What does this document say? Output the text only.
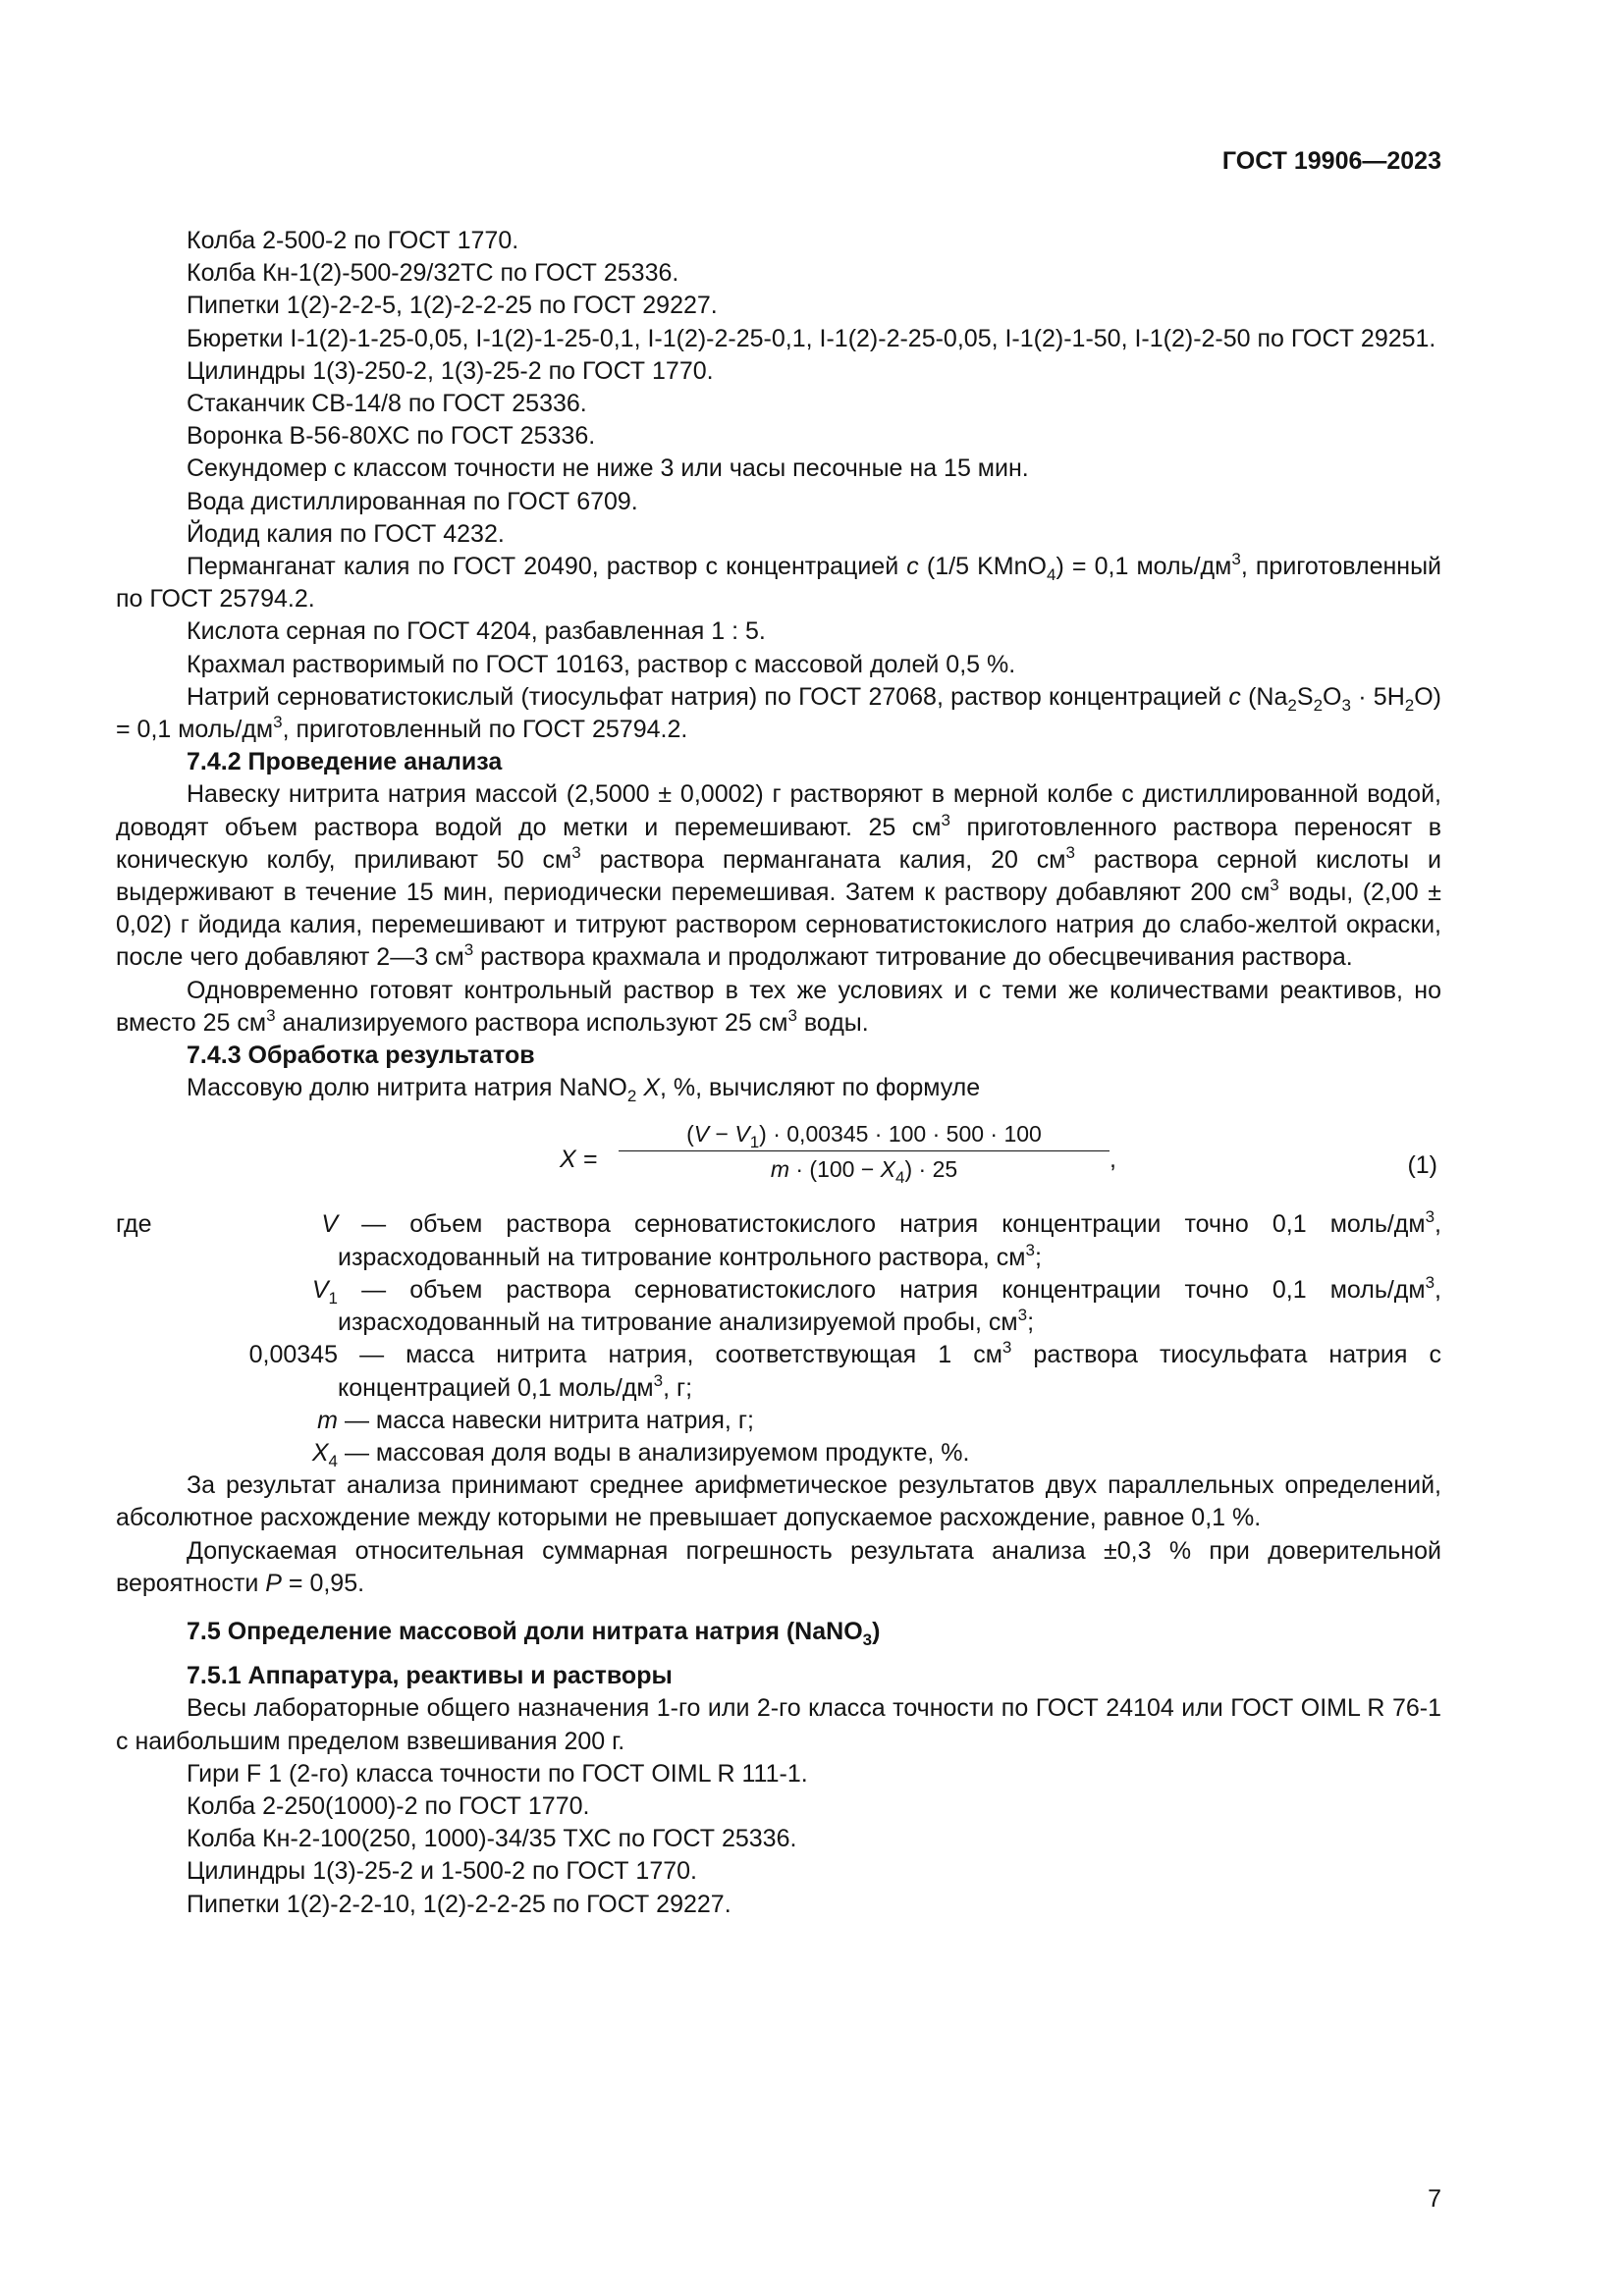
ГОСТ 19906—2023

Колба 2-500-2 по ГОСТ 1770.

Колба Кн-1(2)-500-29/32ТС по ГОСТ 25336.

Пипетки 1(2)-2-2-5, 1(2)-2-2-25 по ГОСТ 29227.

Бюретки I-1(2)-1-25-0,05, I-1(2)-1-25-0,1, I-1(2)-2-25-0,1, I-1(2)-2-25-0,05, I-1(2)-1-50, I-1(2)-2-50 по ГОСТ 29251.

Цилиндры 1(3)-250-2, 1(3)-25-2 по ГОСТ 1770.

Стаканчик СВ-14/8 по ГОСТ 25336.

Воронка В-56-80ХС по ГОСТ 25336.

Секундомер с классом точности не ниже 3 или часы песочные на 15 мин.

Вода дистиллированная по ГОСТ 6709.

Йодид калия по ГОСТ 4232.

Перманганат калия по ГОСТ 20490, раствор с концентрацией c (1/5 KMnO$_4$) = 0,1 моль/$дм^3$, приготовленный по ГОСТ 25794.2.

Кислота серная по ГОСТ 4204, разбавленная 1 : 5.

Крахмал растворимый по ГОСТ 10163, раствор с массовой долей 0,5 %.

Натрий серноватистокислый (тиосульфат натрия) по ГОСТ 27068, раствор концентрацией c $(Na_2S_2O_3 \cdot 5H_2O) = 0,1$ моль/$дм^3$, приготовленный по ГОСТ 25794.2.

7.4.2 Проведение анализа

Навеску нитрита натрия массой (2,5000 ± 0,0002) г растворяют в мерной колбе с дистиллированной водой, доводят объем раствора водой до метки и перемешивают. 25 $см^3$ приготовленного раствора переносят в коническую колбу, приливают 50 $см^3$ раствора перманганата калия, 20 $см^3$ раствора серной кислоты и выдерживают в течение 15 мин, периодически перемешивая. Затем к раствору добавляют 200 $см^3$ воды, (2,00 ± 0,02) г йодида калия, перемешивают и титруют раствором серноватистокислого натрия до слабо-желтой окраски, после чего добавляют 2—3 $см^3$ раствора крахмала и продолжают титрование до обесцвечивания раствора.

Одновременно готовят контрольный раствор в тех же условиях и с теми же количествами реактивов, но вместо 25 $см^3$ анализируемого раствора используют 25 $см^3$ воды.

7.4.3 Обработка результатов

Массовую долю нитрита натрия NaNO$_2$ X, %, вычисляют по формуле

X =
$(V - V_1) \cdot 0,00345 \cdot 100 \cdot 500 \cdot 100$
$m \cdot (100 - X_4) \cdot 25$	,	(1)
где	V — объем раствора серноватистокислого натрия концентрации точно 0,1 моль/$дм^3$, израсходованный на титрование контрольного раствора, $см^3$;
$V_1$ — объем раствора серноватистокислого натрия концентрации точно 0,1 моль/$дм^3$, израсходованный на титрование анализируемой пробы, $см^3$;
0,00345 — масса нитрита натрия, соответствующая 1 $см^3$ раствора тиосульфата натрия с концентрацией 0,1 моль/$дм^3$, г;
m — масса навески нитрита натрия, г;
$X_4$ — массовая доля воды в анализируемом продукте, %.

За результат анализа принимают среднее арифметическое результатов двух параллельных определений, абсолютное расхождение между которыми не превышает допускаемое расхождение, равное 0,1 %.

Допускаемая относительная суммарная погрешность результата анализа ±0,3 % при доверительной вероятности P = 0,95.

7.5 Определение массовой доли нитрата натрия (NaNO$_3$)

7.5.1 Аппаратура, реактивы и растворы

Весы лабораторные общего назначения 1-го или 2-го класса точности по ГОСТ 24104 или ГОСТ OIML R 76-1 с наибольшим пределом взвешивания 200 г.

Гири F 1 (2-го) класса точности по ГОСТ OIML R 111-1.

Колба 2-250(1000)-2 по ГОСТ 1770.

Колба Кн-2-100(250, 1000)-34/35 ТХС по ГОСТ 25336.

Цилиндры 1(3)-25-2 и 1-500-2 по ГОСТ 1770.

Пипетки 1(2)-2-2-10, 1(2)-2-2-25 по ГОСТ 29227.

7
